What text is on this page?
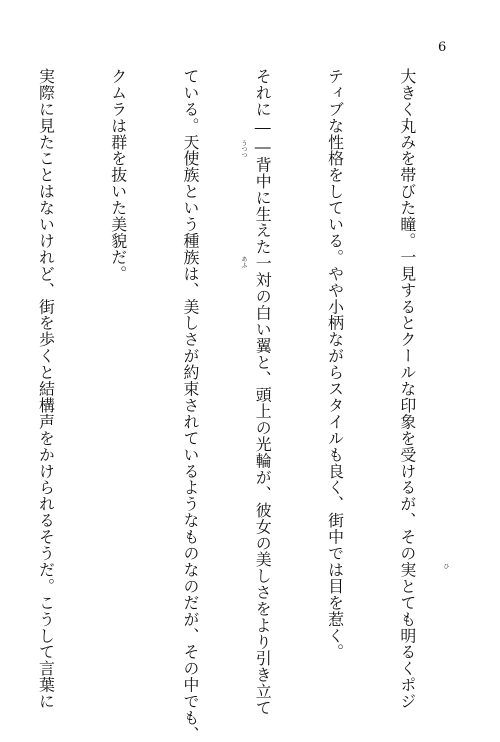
6

大きく丸みを帯びた瞳。一見するとクールな印象を受けるが、その実とても明るくポジ

ティブな性格をしている。やや小柄ながらスタイルも良く、街中では目を惹く。

それに――背中に生えた一対の白い翼と、頭上の光輪が、彼女の美しさをより引き立て

ている。天使族という種族は、美しさが約束されているようなものなのだが、その中でも、

クムラは群を抜いた美貌だ。

実際に見たことはないけれど、街を歩くと結構声をかけられるそうだ。こうして言葉に

	ひ
あふ
うつつ
